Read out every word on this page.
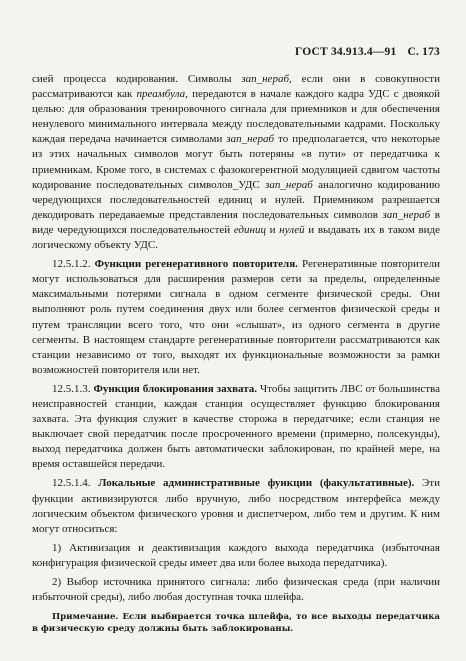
ГОСТ 34.913.4—91 С. 173

сией процесса кодирования. Символы зап_нераб, если они в совокупности рассматриваются как преамбула, передаются в начале каждого кадра УДС с двоякой целью: для образования тренировочного сигнала для приемников и для обеспечения ненулевого минимального интервала между последовательными кадрами. Поскольку каждая передача начинается символами зап_нераб то предполагается, что некоторые из этих начальных символов могут быть потеряны «в пути» от передатчика к приемникам. Кроме того, в системах с фазокогерентной модуляцией сдвигом частоты кодирование последовательных символов_УДС зап_нераб аналогично кодированию чередующихся последовательностей единиц и нулей. Приемником разрешается декодировать передаваемые представления последовательных символов зап_нераб в виде чередующихся последовательностей единиц и нулей и выдавать их в таком виде логическому объекту УДС.

12.5.1.2. Функции регенеративного повторителя. Регенеративные повторители могут использоваться для расширения размеров сети за пределы, определенные максимальными потерями сигнала в одном сегменте физической среды. Они выполняют роль путем соединения двух или более сегментов физической среды и путем трансляции всего того, что они «слышат», из одного сегмента в другие сегменты. В настоящем стандарте регенеративные повторители рассматриваются как станции независимо от того, выходят их функциональные возможности за рамки возможностей повторителя или нет.

12.5.1.3. Функция блокирования захвата. Чтобы защитить ЛВС от большинства неисправностей станции, каждая станция осуществляет функцию блокирования захвата. Эта функция служит в качестве сторожа в передатчике; если станция не выключает свой передатчик после просроченного времени (примерно, полсекунды), выход передатчика должен быть автоматически заблокирован, по крайней мере, на время оставшейся передачи.

12.5.1.4. Локальные административные функции (факультативные). Эти функции активизируются либо вручную, либо посредством интерфейса между логическим объектом физического уровня и диспетчером, либо тем и другим. К ним могут относиться:

1) Активизация и деактивизация каждого выхода передатчика (избыточная конфигурация физической среды имеет два или более выхода передатчика).

2) Выбор источника принятого сигнала: либо физическая среда (при наличии избыточной среды), либо любая доступная точка шлейфа.

Примечание. Если выбирается точка шлейфа, то все выходы передатчика в физическую среду должны быть заблокированы.
